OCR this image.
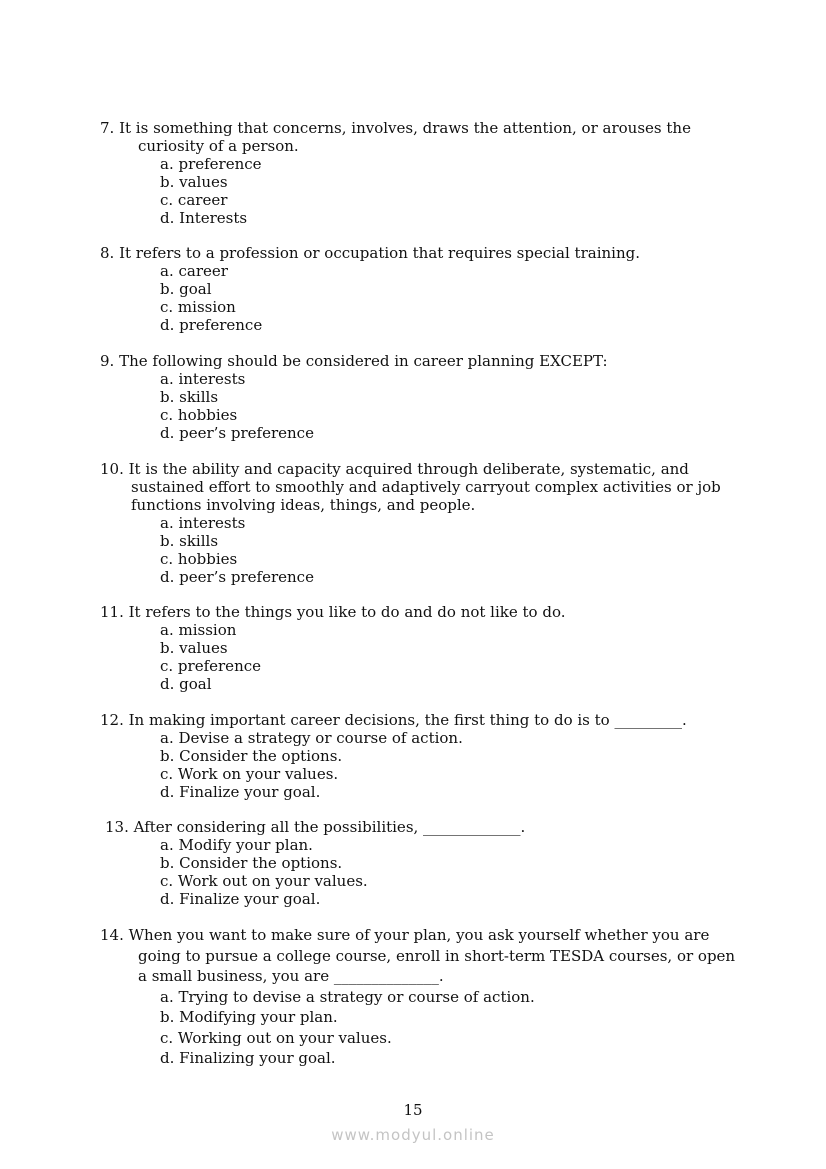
7. It is something that concerns, involves, draws the attention, or arouses the

curiosity of a person.

a. preference

b. values

c. career

d. Interests

8. It refers to a profession or occupation that requires special training.

a. career

b. goal

c. mission

d. preference

9. The following should be considered in career planning EXCEPT:

a. interests

b. skills

c. hobbies

d. peer’s preference

10. It is the ability and capacity acquired through deliberate, systematic, and

sustained effort to smoothly and adaptively carryout complex activities or job

functions involving ideas, things, and people.

a. interests

b. skills

c. hobbies

d. peer’s preference

11. It refers to the things you like to do and do not like to do.

a. mission

b. values

c. preference

d. goal

12. In making important career decisions, the first thing to do is to _________.

a. Devise a strategy or course of action.

b. Consider the options.

c. Work on your values.

d. Finalize your goal.

13. After considering all the possibilities, _____________.

a. Modify your plan.

b. Consider the options.

c. Work out on your values.

d. Finalize your goal.

14. When you want to make sure of your plan, you ask yourself whether you are

going to pursue a college course, enroll in short-term TESDA courses, or open

a small business, you are ______________.

a. Trying to devise a strategy or course of action.

b. Modifying your plan.

c. Working out on your values.

d. Finalizing your goal.

15
www.modyul.online
